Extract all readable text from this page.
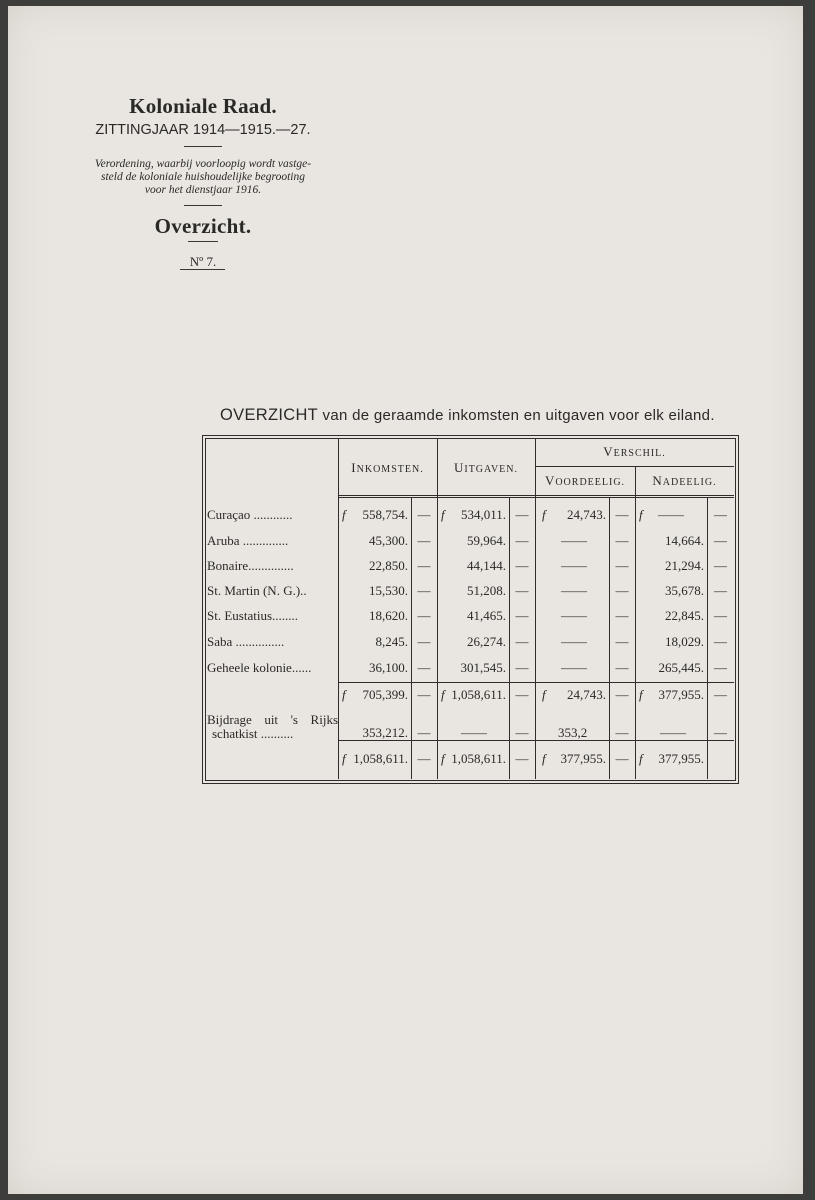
Koloniale Raad.
ZITTINGJAAR 1914—1915.—27.
Verordening, waarbij voorloopig wordt vastge-
steld de koloniale huishoudelijke begrooting
voor het dienstjaar 1916.
Overzicht.
Nº 7.
OVERZICHT van de geraamde inkomsten en uitgaven voor elk eiland.
INKOMSTEN.	UITGAVEN.
VERSCHIL.
VOORDEELIG.	NADEELIG.
Curaçao ............	f	558,754. — f	534,011. —	f	24,743. — f	——	—
Aruba ..............	45,300. —	59,964. —	——	—	14,664. —
Bonaire..............	22,850. —	44,144. —	——	—	21,294. —
St. Martin (N. G.)..	15,530. —	51,208. —	——	—	35,678. —
St. Eustatius........	18,620. —	41,465. —	——	—	22,845. —
Saba ...............	8,245. —	26,274. —	——	—	18,029. —
Geheele kolonie......	36,100. —	301,545. —	——	—	265,445. —
f	705,399. — f 1,058,611. —	f	24,743. — f	377,955. —
Bijdrage uit 's Rijks
schatkist ..........	353,212. —	——	—	353,2	—	——	—
f 1,058,611. — f 1,058,611. —	f	377,955. — f	377,955.
